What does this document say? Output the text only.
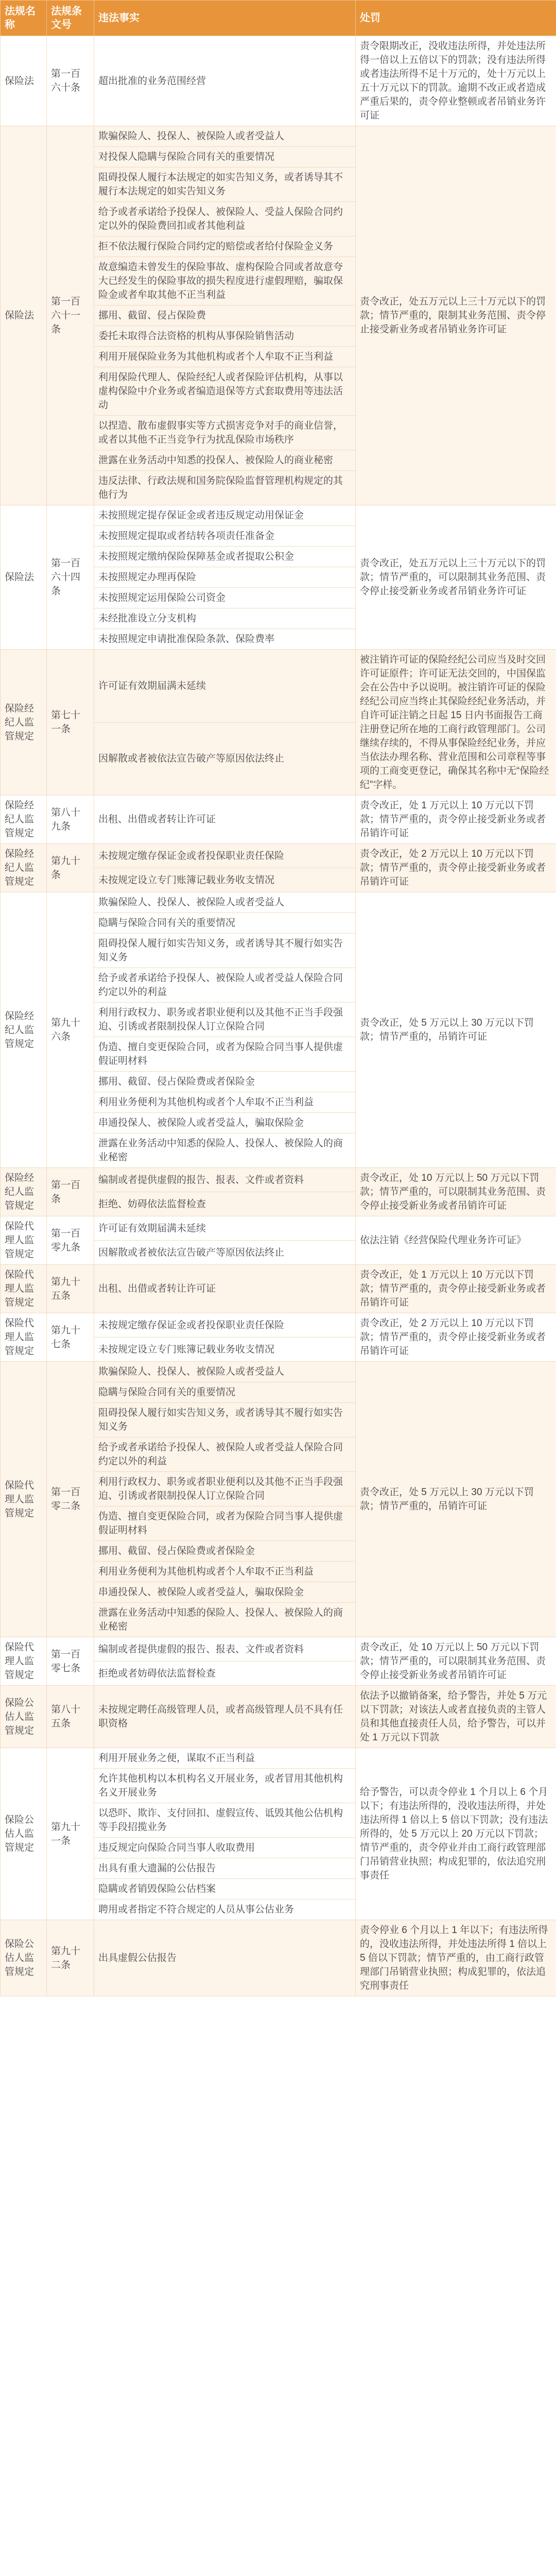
法规名称	法规条文号	违法事实	处罚
保险法	第一百六十条	超出批准的业务范围经营	责令限期改正，没收违法所得，并处违法所得一倍以上五倍以下的罚款；没有违法所得或者违法所得不足十万元的，处十万元以上五十万元以下的罚款。逾期不改正或者造成严重后果的，责令停业整顿或者吊销业务许可证
保险法	第一百六十一条	欺骗保险人、投保人、被保险人或者受益人	责令改正，处五万元以上三十万元以下的罚款；情节严重的，限制其业务范围、责令停止接受新业务或者吊销业务许可证
		对投保人隐瞒与保险合同有关的重要情况	
		阻碍投保人履行本法规定的如实告知义务，或者诱导其不履行本法规定的如实告知义务	
		给予或者承诺给予投保人、被保险人、受益人保险合同约定以外的保险费回扣或者其他利益	
		拒不依法履行保险合同约定的赔偿或者给付保险金义务	
		故意编造未曾发生的保险事故、虚构保险合同或者故意夸大已经发生的保险事故的损失程度进行虚假理赔，骗取保险金或者牟取其他不正当利益	
		挪用、截留、侵占保险费	
		委托未取得合法资格的机构从事保险销售活动	
		利用开展保险业务为其他机构或者个人牟取不正当利益	
		利用保险代理人、保险经纪人或者保险评估机构，从事以虚构保险中介业务或者编造退保等方式套取费用等违法活动	
		以捏造、散布虚假事实等方式损害竞争对手的商业信誉，或者以其他不正当竞争行为扰乱保险市场秩序	
		泄露在业务活动中知悉的投保人、被保险人的商业秘密	
		违反法律、行政法规和国务院保险监督管理机构规定的其他行为	
保险法	第一百六十四条	未按照规定提存保证金或者违反规定动用保证金	责令改正，处五万元以上三十万元以下的罚款；情节严重的，可以限制其业务范围、责令停止接受新业务或者吊销业务许可证
		未按照规定提取或者结转各项责任准备金	
		未按照规定缴纳保险保障基金或者提取公积金	
		未按照规定办理再保险	
		未按照规定运用保险公司资金	
		未经批准设立分支机构	
		未按照规定申请批准保险条款、保险费率	
保险经纪人监管规定	第七十一条	许可证有效期届满未延续	被注销许可证的保险经纪公司应当及时交回许可证原件；许可证无法交回的，中国保监会在公告中予以说明。被注销许可证的保险经纪公司应当终止其保险经纪业务活动，并自许可证注销之日起 15 日内书面报告工商注册登记所在地的工商行政管理部门。公司继续存续的，不得从事保险经纪业务，并应当依法办理名称、营业范围和公司章程等事项的工商变更登记，确保其名称中无“保险经纪”字样。
		因解散或者被依法宣告破产等原因依法终止	
保险经纪人监管规定	第八十九条	出租、出借或者转让许可证	责令改正，处 1 万元以上 10 万元以下罚款；情节严重的，责令停止接受新业务或者吊销许可证
保险经纪人监管规定	第九十条	未按规定缴存保证金或者投保职业责任保险	责令改正，处 2 万元以上 10 万元以下罚款；情节严重的，责令停止接受新业务或者吊销许可证
		未按规定设立专门账簿记载业务收支情况	
保险经纪人监管规定	第九十六条	欺骗保险人、投保人、被保险人或者受益人	责令改正，处 5 万元以上 30 万元以下罚款；情节严重的，吊销许可证
		隐瞒与保险合同有关的重要情况	
		阻碍投保人履行如实告知义务，或者诱导其不履行如实告知义务	
		给予或者承诺给予投保人、被保险人或者受益人保险合同约定以外的利益	
		利用行政权力、职务或者职业便利以及其他不正当手段强迫、引诱或者限制投保人订立保险合同	
		伪造、擅自变更保险合同，或者为保险合同当事人提供虚假证明材料	
		挪用、截留、侵占保险费或者保险金	
		利用业务便利为其他机构或者个人牟取不正当利益	
		串通投保人、被保险人或者受益人，骗取保险金	
		泄露在业务活动中知悉的保险人、投保人、被保险人的商业秘密	
保险经纪人监管规定	第一百条	编制或者提供虚假的报告、报表、文件或者资料	责令改正，处 10 万元以上 50 万元以下罚款；情节严重的，可以限制其业务范围、责令停止接受新业务或者吊销许可证
		拒绝、妨碍依法监督检查	
保险代理人监管规定	第一百零九条	许可证有效期届满未延续	依法注销《经营保险代理业务许可证》
		因解散或者被依法宣告破产等原因依法终止	
保险代理人监管规定	第九十五条	出租、出借或者转让许可证	责令改正，处 1 万元以上 10 万元以下罚款；情节严重的，责令停止接受新业务或者吊销许可证
保险代理人监管规定	第九十七条	未按规定缴存保证金或者投保职业责任保险	责令改正，处 2 万元以上 10 万元以下罚款；情节严重的，责令停止接受新业务或者吊销许可证
		未按规定设立专门账簿记载业务收支情况	
保险代理人监管规定	第一百零二条	欺骗保险人、投保人、被保险人或者受益人	责令改正，处 5 万元以上 30 万元以下罚款；情节严重的，吊销许可证
		隐瞒与保险合同有关的重要情况	
		阻碍投保人履行如实告知义务，或者诱导其不履行如实告知义务	
		给予或者承诺给予投保人、被保险人或者受益人保险合同约定以外的利益	
		利用行政权力、职务或者职业便利以及其他不正当手段强迫、引诱或者限制投保人订立保险合同	
		伪造、擅自变更保险合同，或者为保险合同当事人提供虚假证明材料	
		挪用、截留、侵占保险费或者保险金	
		利用业务便利为其他机构或者个人牟取不正当利益	
		串通投保人、被保险人或者受益人，骗取保险金	
		泄露在业务活动中知悉的保险人、投保人、被保险人的商业秘密	
保险代理人监管规定	第一百零七条	编制或者提供虚假的报告、报表、文件或者资料	责令改正，处 10 万元以上 50 万元以下罚款；情节严重的，可以限制其业务范围、责令停止接受新业务或者吊销许可证
		拒绝或者妨碍依法监督检查	
保险公估人监管规定	第八十五条	未按规定聘任高级管理人员，或者高级管理人员不具有任职资格	依法予以撤销备案，给予警告，并处 5 万元以下罚款；对该法人或者直接负责的主管人员和其他直接责任人员，给予警告，可以并处 1 万元以下罚款
保险公估人监管规定	第九十一条	利用开展业务之便，谋取不正当利益	给予警告，可以责令停业 1 个月以上 6 个月以下；有违法所得的，没收违法所得，并处违法所得 1 倍以上 5 倍以下罚款；没有违法所得的，处 5 万元以上 20 万元以下罚款；情节严重的，责令停业并由工商行政管理部门吊销营业执照；构成犯罪的，依法追究刑事责任
		允许其他机构以本机构名义开展业务，或者冒用其他机构名义开展业务	
		以恐吓、欺诈、支付回扣、虚假宣传、诋毁其他公估机构等手段招揽业务	
		违反规定向保险合同当事人收取费用	
		出具有重大遗漏的公估报告	
		隐瞒或者销毁保险公估档案	
		聘用或者指定不符合规定的人员从事公估业务	
保险公估人监管规定	第九十二条	出具虚假公估报告	责令停业 6 个月以上 1 年以下；有违法所得的，没收违法所得，并处违法所得 1 倍以上 5 倍以下罚款；情节严重的，由工商行政管理部门吊销营业执照；构成犯罪的，依法追究刑事责任
